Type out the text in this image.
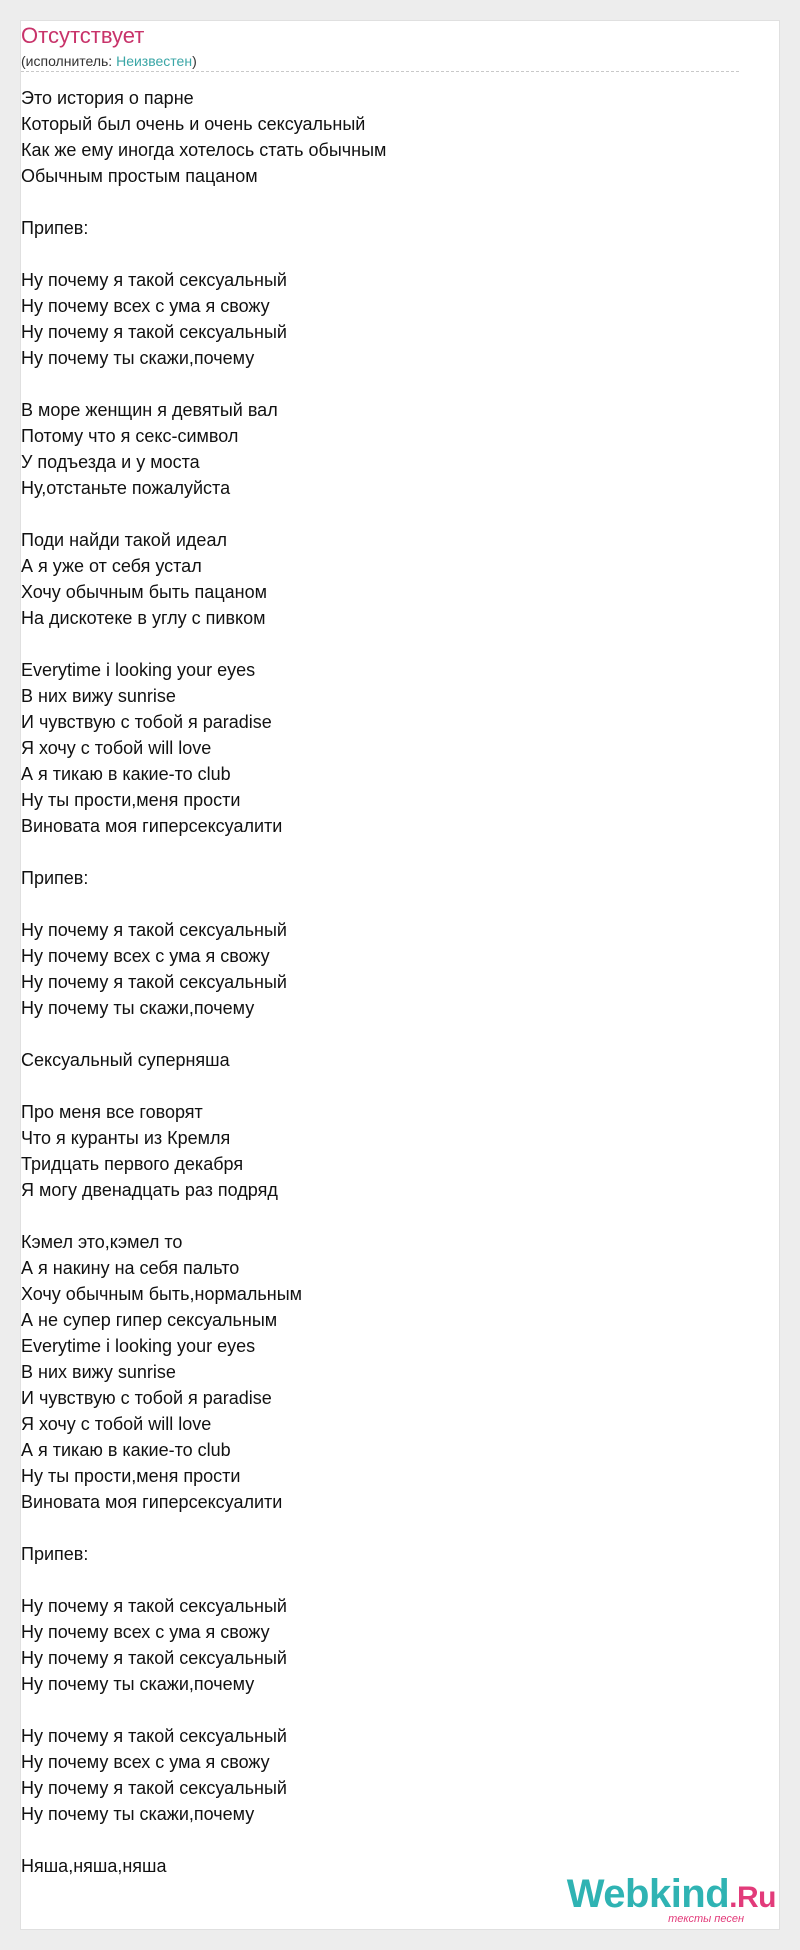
Отсутствует
(исполнитель: Неизвестен)
Это история о парне
Который был очень и очень сексуальный
Как же ему иногда хотелось стать обычным
Обычным простым пацаном
Припев:
Ну почему я такой сексуальный
Ну почему всех с ума я свожу
Ну почему я такой сексуальный
Ну почему ты скажи,почему
В море женщин я девятый вал
Потому что я секс-символ
У подъезда и у моста
Ну,отстаньте пожалуйста
Поди найди такой идеал
А я уже от себя устал
Хочу обычным быть пацаном
На дискотеке в углу с пивком
Everytime i looking your eyes
В них вижу sunrise
И чувствую с тобой я paradise
Я хочу с тобой will love
А я тикаю в какие-то club
Ну ты прости,меня прости
Виновата моя гиперсексуалити
Припев:
Ну почему я такой сексуальный
Ну почему всех с ума я свожу
Ну почему я такой сексуальный
Ну почему ты скажи,почему
Сексуальный суперняша
Про меня все говорят
Что я куранты из Кремля
Тридцать первого декабря
Я могу двенадцать раз подряд
Кэмел это,кэмел то
А я накину на себя пальто
Хочу обычным быть,нормальным
А не супер гипер сексуальным
Everytime i looking your eyes
В них вижу sunrise
И чувствую с тобой я paradise
Я хочу с тобой will love
А я тикаю в какие-то club
Ну ты прости,меня прости
Виновата моя гиперсексуалити
Припев:
Ну почему я такой сексуальный
Ну почему всех с ума я свожу
Ну почему я такой сексуальный
Ну почему ты скажи,почему
Ну почему я такой сексуальный
Ну почему всех с ума я свожу
Ну почему я такой сексуальный
Ну почему ты скажи,почему
Няша,няша,няша
Webkind.Ru
тексты песен
